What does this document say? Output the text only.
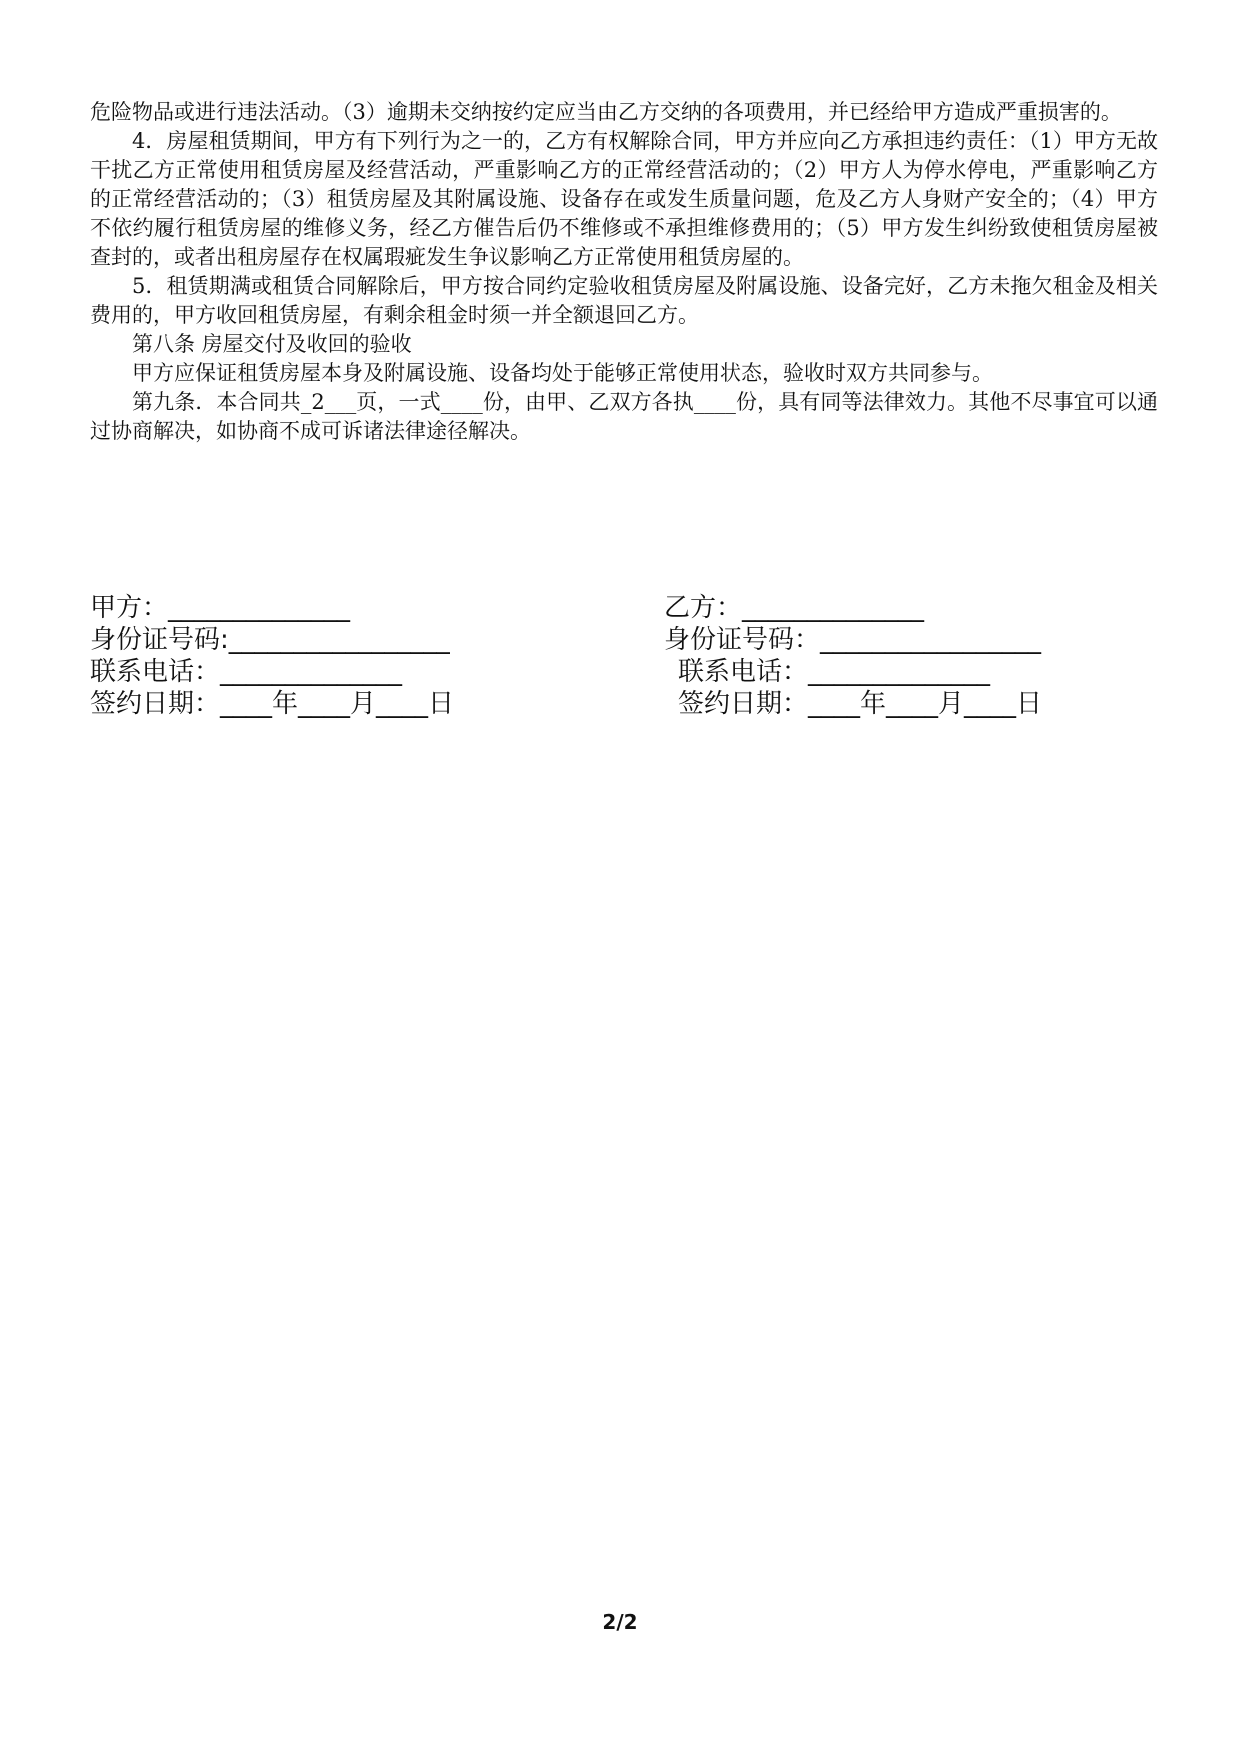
危险物品或进行违法活动。（3）逾期未交纳按约定应当由乙方交纳的各项费用，并已经给甲方造成严重损害的。

4．房屋租赁期间，甲方有下列行为之一的，乙方有权解除合同，甲方并应向乙方承担违约责任：（1）甲方无故干扰乙方正常使用租赁房屋及经营活动，严重影响乙方的正常经营活动的；（2）甲方人为停水停电，严重影响乙方的正常经营活动的；（3）租赁房屋及其附属设施、设备存在或发生质量问题，危及乙方人身财产安全的；（4）甲方不依约履行租赁房屋的维修义务，经乙方催告后仍不维修或不承担维修费用的；（5）甲方发生纠纷致使租赁房屋被查封的，或者出租房屋存在权属瑕疵发生争议影响乙方正常使用租赁房屋的。

5．租赁期满或租赁合同解除后，甲方按合同约定验收租赁房屋及附属设施、设备完好，乙方未拖欠租金及相关费用的，甲方收回租赁房屋，有剩余租金时须一并全额退回乙方。

第八条 房屋交付及收回的验收

甲方应保证租赁房屋本身及附属设施、设备均处于能够正常使用状态，验收时双方共同参与。

第九条．本合同共_2___页，一式____份，由甲、乙双方各执____份，具有同等法律效力。其他不尽事宜可以通过协商解决，如协商不成可诉诸法律途径解决。

甲方：______________
身份证号码:_________________
联系电话：______________
签约日期：____年____月____日
乙方：______________
身份证号码：_________________
联系电话：______________
签约日期：____年____月____日
2/2
